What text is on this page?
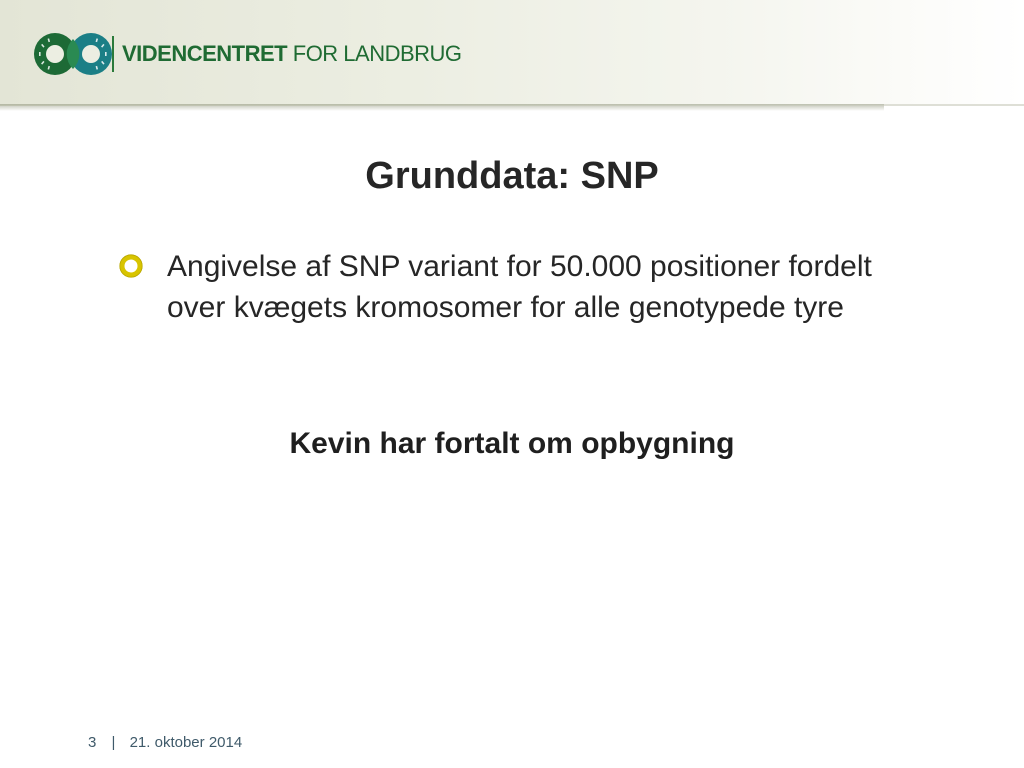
VIDENCENTRET FOR LANDBRUG
Grunddata: SNP
Angivelse af SNP variant for 50.000 positioner fordelt over kvægets kromosomer for alle genotypede tyre
Kevin har fortalt om opbygning
3 | 21. oktober 2014
